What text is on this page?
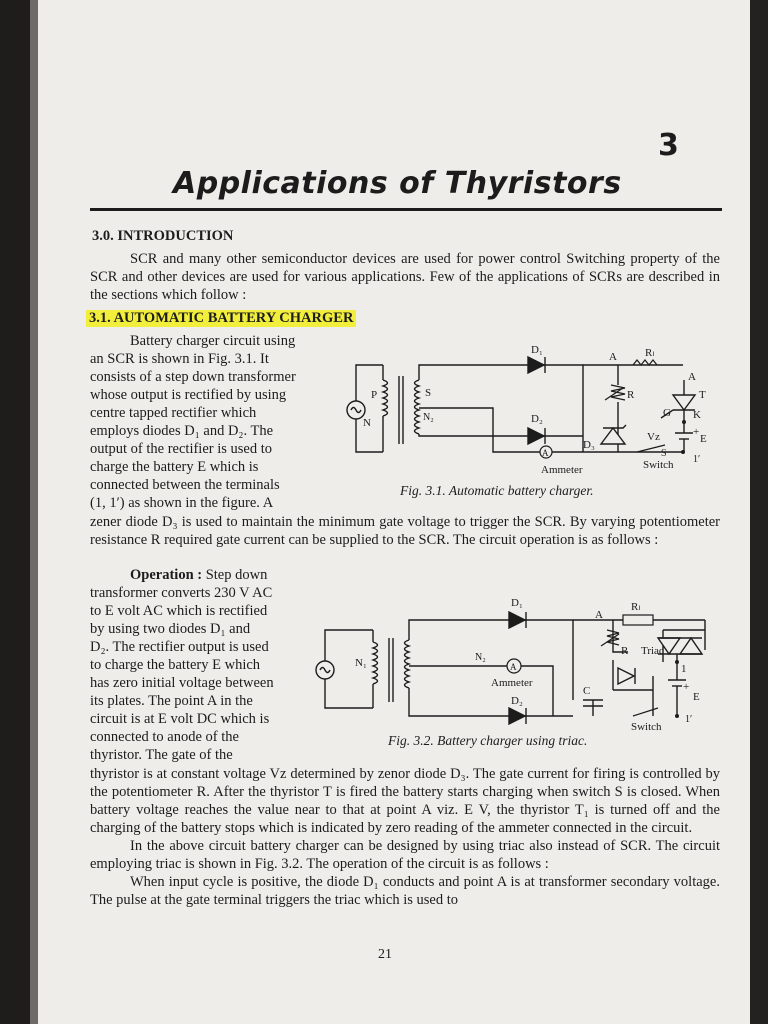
3
Applications of Thyristors
3.0. INTRODUCTION
SCR and many other semiconductor devices are used for power control Switching property of the SCR and other devices are used for various applications. Few of the applications of SCRs are described in the sections which follow :
3.1. AUTOMATIC BATTERY CHARGER
Battery charger circuit using
an SCR is shown in Fig. 3.1. It
consists of a step down transformer
whose output is rectified by using
centre tapped rectifier which
employs diodes D₁ and D₂. The
output of the rectifier is used to
charge the battery E which is
connected between the terminals
(1, 1′) as shown in the figure. A
A
D₁
D₂
D₃
A	Rₗ
P
N
S
N₂
R
A
T
G K
+
E
Vᴢ
S
1′
Ammeter	Switch
Fig. 3.1. Automatic battery charger.
zener diode D₃ is used to maintain the minimum gate voltage to trigger the SCR. By varying potentiometer resistance R required gate current can be supplied to the SCR. The circuit operation is as follows :
Operation : Step down
transformer converts 230 V AC
to E volt AC which is rectified
by using two diodes D₁ and
D₂. The rectifier output is used
to charge the battery E which
has zero initial voltage between
its plates. The point A in the
circuit is at E volt DC which is
connected to anode of the
thyristor. The gate of the
A
D₁
D₂
N₁	N₂
A
Rₗ
R Triac
C
Ammeter
1
+
E
1′
Switch
Fig. 3.2. Battery charger using triac.
thyristor is at constant voltage Vᴢ determined by zenor diode D₃. The gate current for firing is controlled by the potentiometer R. After the thyristor T is fired the battery starts charging when switch S is closed. When battery voltage reaches the value near to that at point A viz. E V, the thyristor T₁ is turned off and the charging of the battery stops which is indicated by zero reading of the ammeter connected in the circuit.
In the above circuit battery charger can be designed by using triac also instead of SCR. The circuit employing triac is shown in Fig. 3.2. The operation of the circuit is as follows :
When input cycle is positive, the diode D₁ conducts and point A is at transformer secondary voltage. The pulse at the gate terminal triggers the triac which is used to
21
